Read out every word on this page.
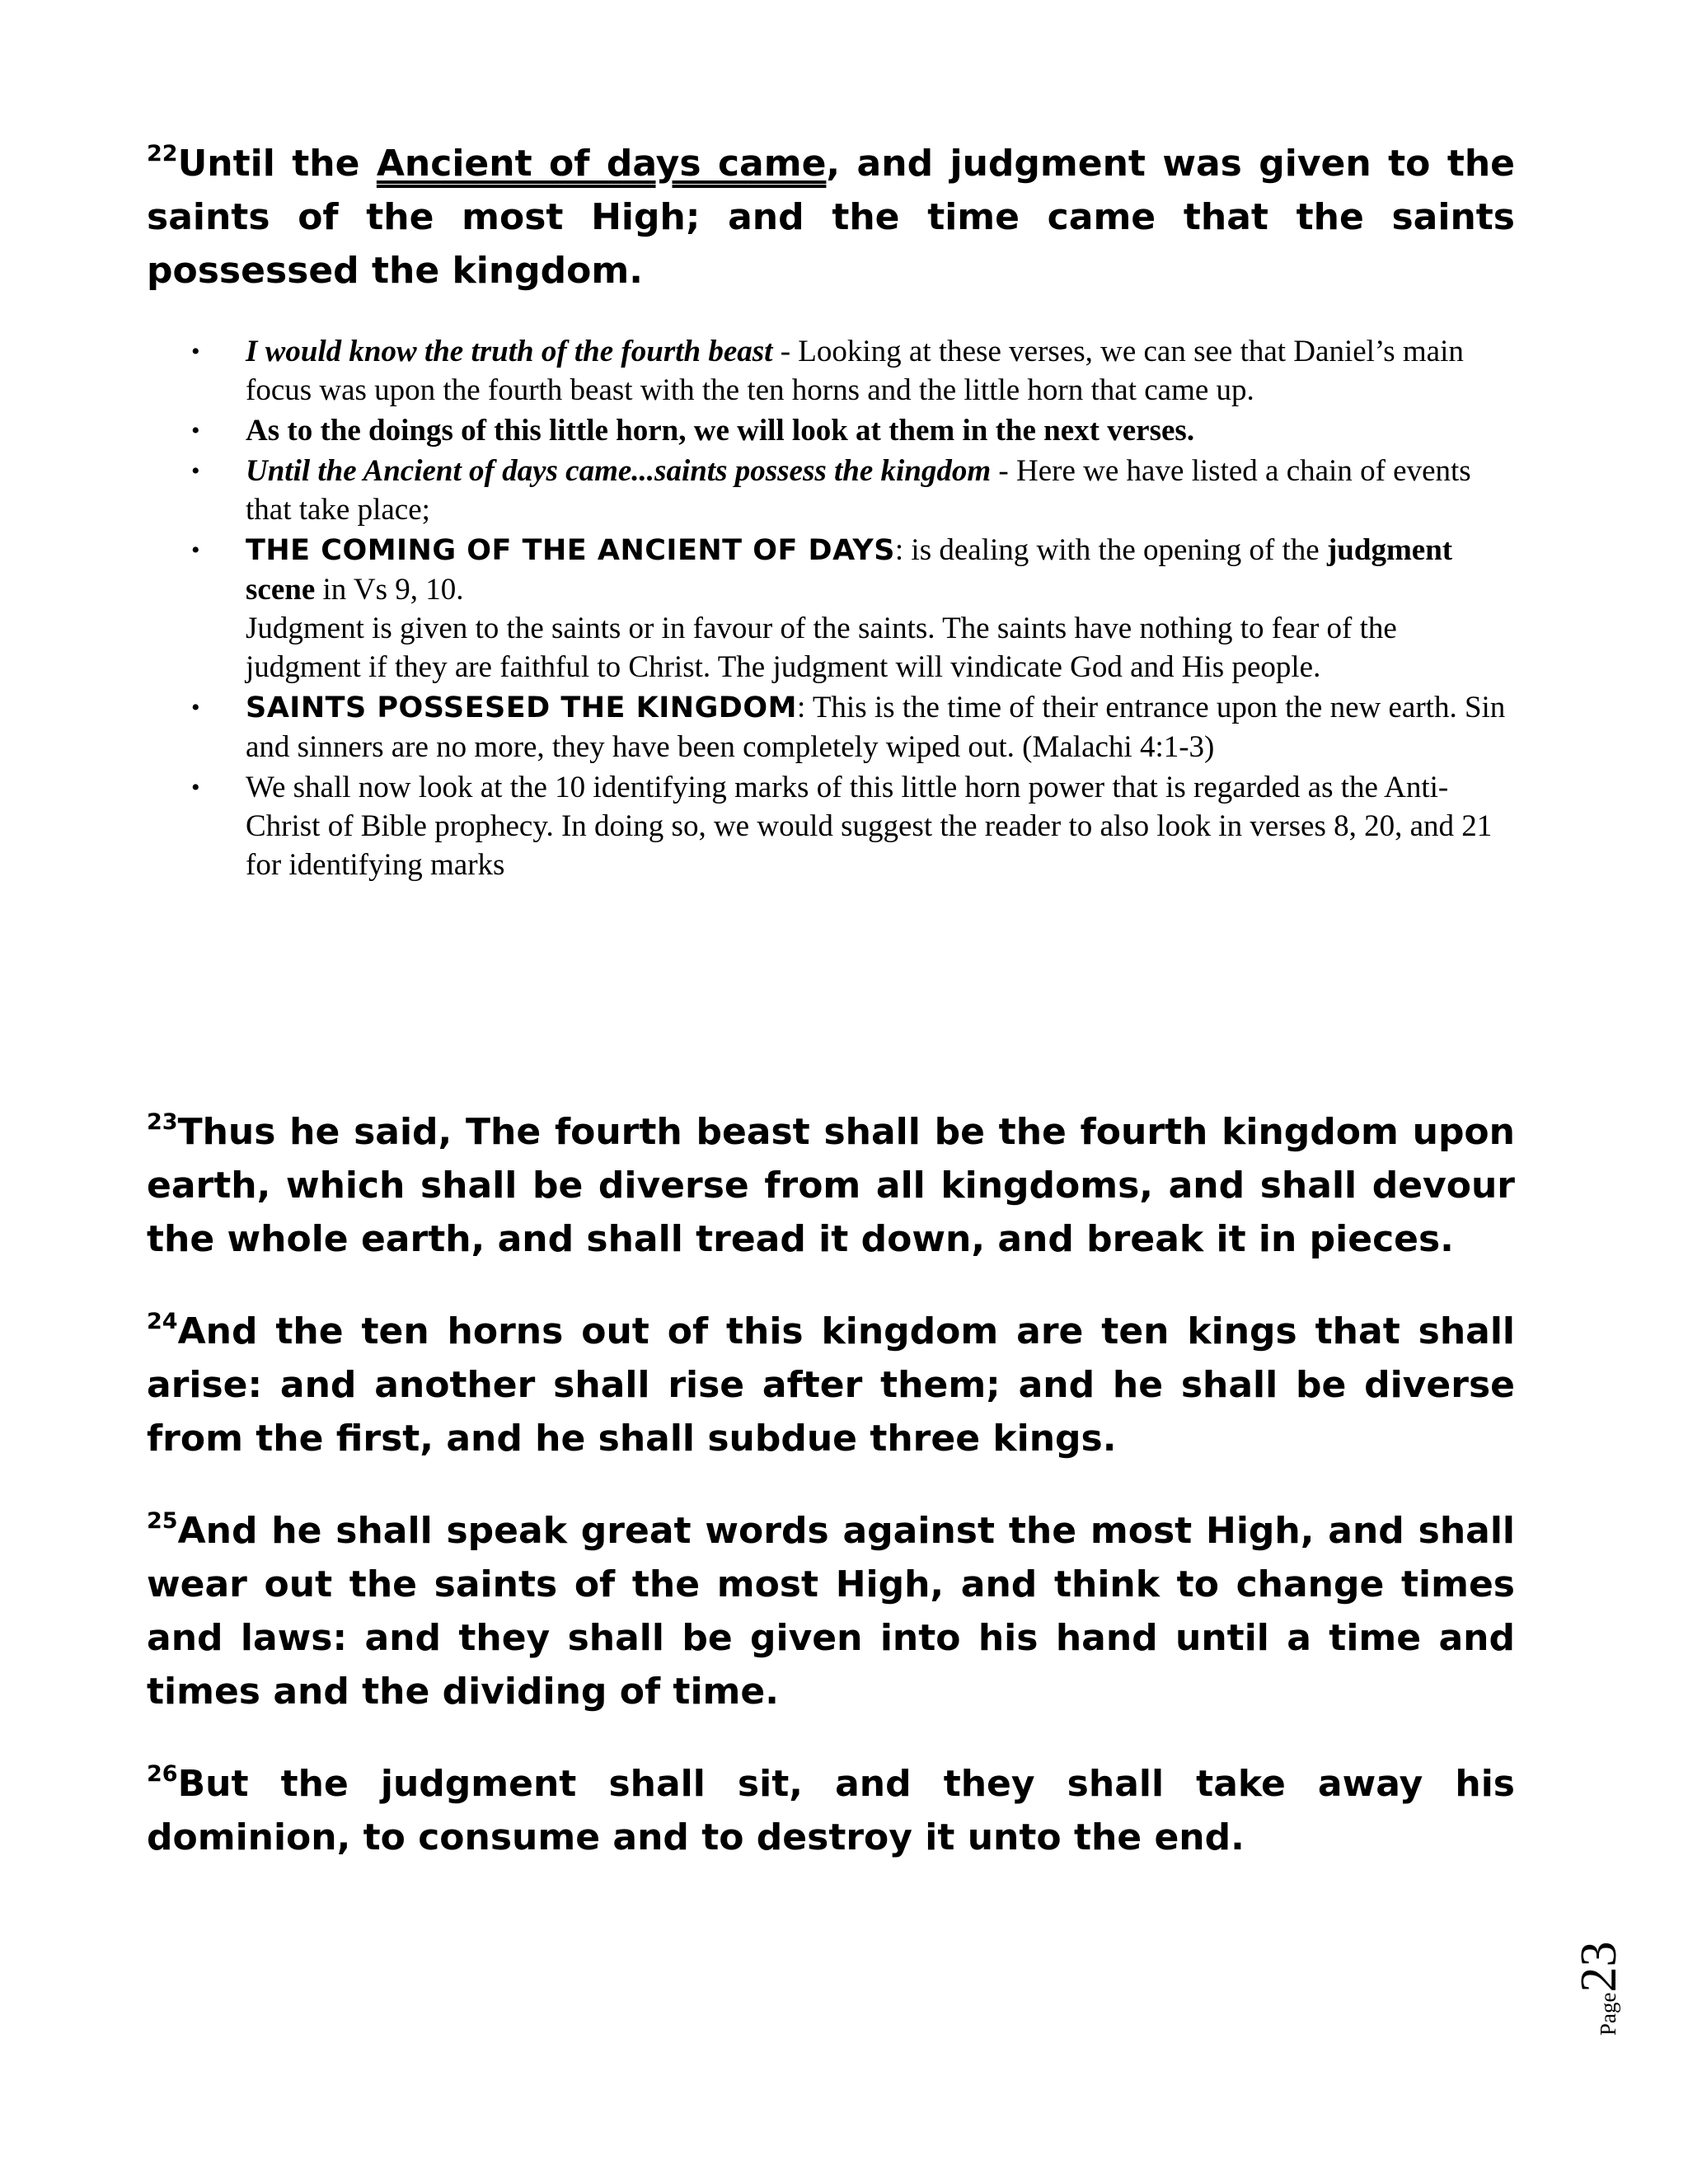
$^{22}$Until the Ancient of days came, and judgment was given to the saints of the most High; and the time came that the saints possessed the kingdom.

•	I would know the truth of the fourth beast - Looking at these verses, we can see that Daniel’s main focus was upon the fourth beast with the ten horns and the little horn that came up.
•	As to the doings of this little horn, we will look at them in the next verses.
•	Until the Ancient of days came...saints possess the kingdom - Here we have listed a chain of events that take place;
•	THE COMING OF THE ANCIENT OF DAYS: is dealing with the opening of the judgment scene in Vs 9, 10.
Judgment is given to the saints or in favour of the saints. The saints have nothing to fear of the judgment if they are faithful to Christ. The judgment will vindicate God and His people.
•	SAINTS POSSESED THE KINGDOM: This is the time of their entrance upon the new earth. Sin and sinners are no more, they have been completely wiped out. (Malachi 4:1-3)
•	We shall now look at the 10 identifying marks of this little horn power that is regarded as the Anti-Christ of Bible prophecy. In doing so, we would suggest the reader to also look in verses 8, 20, and 21 for identifying marks

$^{23}$Thus he said, The fourth beast shall be the fourth kingdom upon earth, which shall be diverse from all kingdoms, and shall devour the whole earth, and shall tread it down, and break it in pieces.

$^{24}$And the ten horns out of this kingdom are ten kings that shall arise: and another shall rise after them; and he shall be diverse from the first, and he shall subdue three kings.

$^{25}$And he shall speak great words against the most High, and shall wear out the saints of the most High, and think to change times and laws: and they shall be given into his hand until a time and times and the dividing of time.

$^{26}$But the judgment shall sit, and they shall take away his dominion, to consume and to destroy it unto the end.

Page23
